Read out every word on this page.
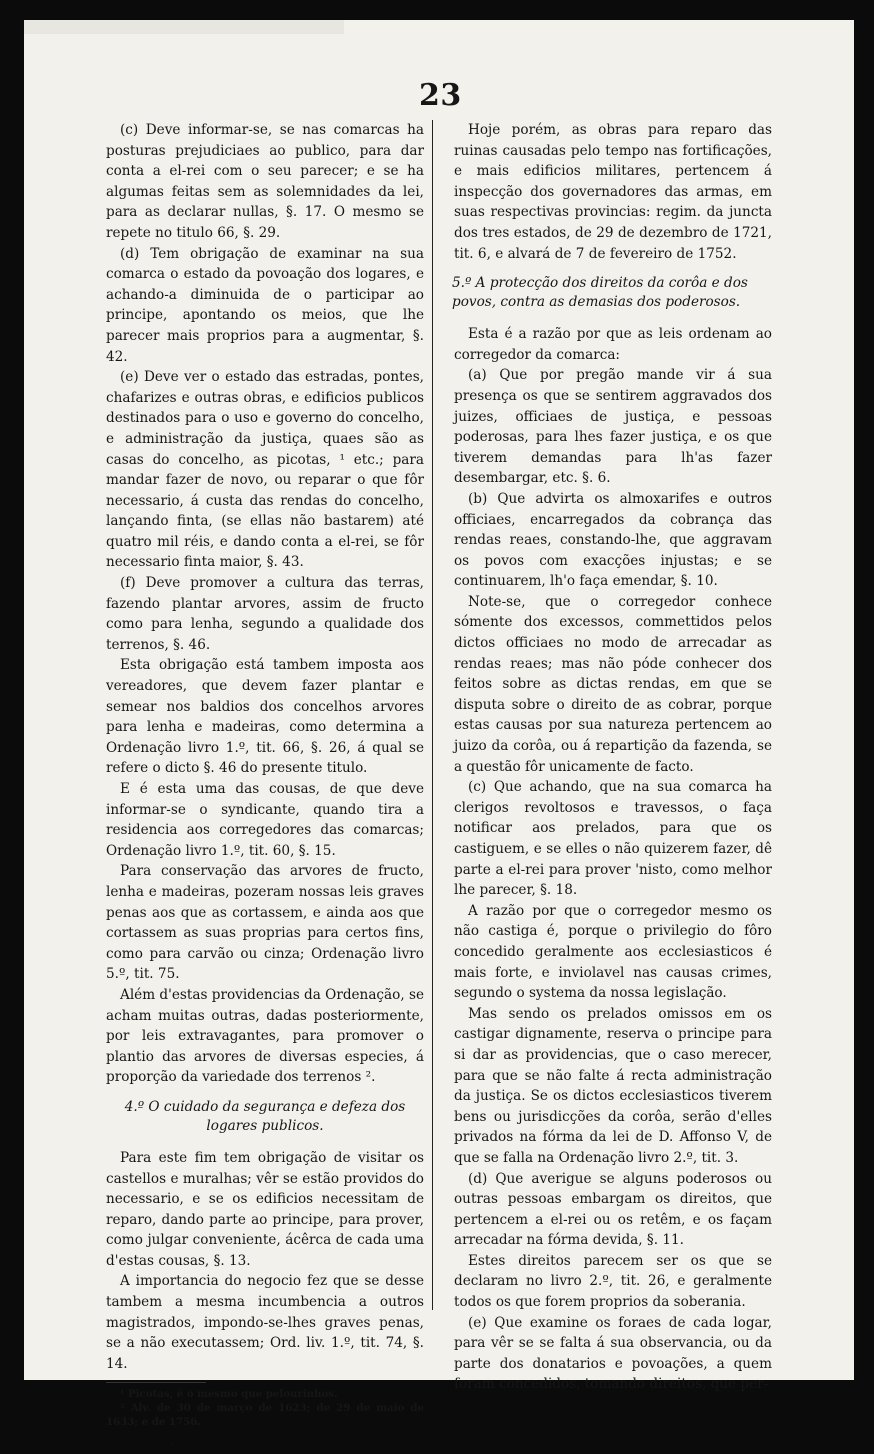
23

(c) Deve informar-se, se nas comarcas ha posturas prejudiciaes ao publico, para dar conta a el-rei com o seu parecer; e se ha algumas feitas sem as solemnidades da lei, para as declarar nullas, §. 17. O mesmo se repete no titulo 66, §. 29.

(d) Tem obrigação de examinar na sua comarca o estado da povoação dos logares, e achando-a diminuida de o participar ao principe, apontando os meios, que lhe parecer mais proprios para a augmentar, §. 42.

(e) Deve ver o estado das estradas, pontes, chafarizes e outras obras, e edificios publicos destinados para o uso e governo do concelho, e administração da justiça, quaes são as casas do concelho, as picotas, ¹ etc.; para mandar fazer de novo, ou reparar o que fôr necessario, á custa das rendas do concelho, lançando finta, (se ellas não bastarem) até quatro mil réis, e dando conta a el-rei, se fôr necessario finta maior, §. 43.

(f) Deve promover a cultura das terras, fazendo plantar arvores, assim de fructo como para lenha, segundo a qualidade dos terrenos, §. 46.

Esta obrigação está tambem imposta aos vereadores, que devem fazer plantar e semear nos baldios dos concelhos arvores para lenha e madeiras, como determina a Ordenação livro 1.º, tit. 66, §. 26, á qual se refere o dicto §. 46 do presente titulo.

E é esta uma das cousas, de que deve informar-se o syndicante, quando tira a residencia aos corregedores das comarcas; Ordenação livro 1.º, tit. 60, §. 15.

Para conservação das arvores de fructo, lenha e madeiras, pozeram nossas leis graves penas aos que as cortassem, e ainda aos que cortassem as suas proprias para certos fins, como para carvão ou cinza; Ordenação livro 5.º, tit. 75.

Além d'estas providencias da Ordenação, se acham muitas outras, dadas posteriormente, por leis extravagantes, para promover o plantio das arvores de diversas especies, á proporção da variedade dos terrenos ².

4.º O cuidado da segurança e defeza dos logares publicos.

Para este fim tem obrigação de visitar os castellos e muralhas; vêr se estão providos do necessario, e se os edificios necessitam de reparo, dando parte ao principe, para prover, como julgar conveniente, ácêrca de cada uma d'estas cousas, §. 13.

A importancia do negocio fez que se desse tambem a mesma incumbencia a outros magistrados, impondo-se-lhes graves penas, se a não executassem; Ord. liv. 1.º, tit. 74, §. 14.

¹ Picotas, é o mesmo que pelourinhos.

² Alv. de 30 de março de 1623; de 29 de maio de 1633; e de 1756.

. .

Hoje porém, as obras para reparo das ruinas causadas pelo tempo nas fortificações, e mais edificios militares, pertencem á inspecção dos governadores das armas, em suas respectivas provincias: regim. da juncta dos tres estados, de 29 de dezembro de 1721, tit. 6, e alvará de 7 de fevereiro de 1752.

5.º A protecção dos direitos da corôa e dos povos, contra as demasias dos poderosos.

Esta é a razão por que as leis ordenam ao corregedor da comarca:

(a) Que por pregão mande vir á sua presença os que se sentirem aggravados dos juizes, officiaes de justiça, e pessoas poderosas, para lhes fazer justiça, e os que tiverem demandas para lh'as fazer desembargar, etc. §. 6.

(b) Que advirta os almoxarifes e outros officiaes, encarregados da cobrança das rendas reaes, constando-lhe, que aggravam os povos com exacções injustas; e se continuarem, lh'o faça emendar, §. 10.

Note-se, que o corregedor conhece sómente dos excessos, commettidos pelos dictos officiaes no modo de arrecadar as rendas reaes; mas não póde conhecer dos feitos sobre as dictas rendas, em que se disputa sobre o direito de as cobrar, porque estas causas por sua natureza pertencem ao juizo da corôa, ou á repartição da fazenda, se a questão fôr unicamente de facto.

(c) Que achando, que na sua comarca ha clerigos revoltosos e travessos, o faça notificar aos prelados, para que os castiguem, e se elles o não quizerem fazer, dê parte a el-rei para prover 'nisto, como melhor lhe parecer, §. 18.

A razão por que o corregedor mesmo os não castiga é, porque o privilegio do fôro concedido geralmente aos ecclesiasticos é mais forte, e inviolavel nas causas crimes, segundo o systema da nossa legislação.

Mas sendo os prelados omissos em os castigar dignamente, reserva o principe para si dar as providencias, que o caso merecer, para que se não falte á recta administração da justiça. Se os dictos ecclesiasticos tiverem bens ou jurisdicções da corôa, serão d'elles privados na fórma da lei de D. Affonso V, de que se falla na Ordenação livro 2.º, tit. 3.

(d) Que averigue se alguns poderosos ou outras pessoas embargam os direitos, que pertencem a el-rei ou os retêm, e os façam arrecadar na fórma devida, §. 11.

Estes direitos parecem ser os que se declaram no livro 2.º, tit. 26, e geralmente todos os que forem proprios da soberania.

(e) Que examine os foraes de cada logar, para vêr se se falta á sua observancia, ou da parte dos donatarios e povoações, a quem foram concedidos, tomando direitos, que per-
